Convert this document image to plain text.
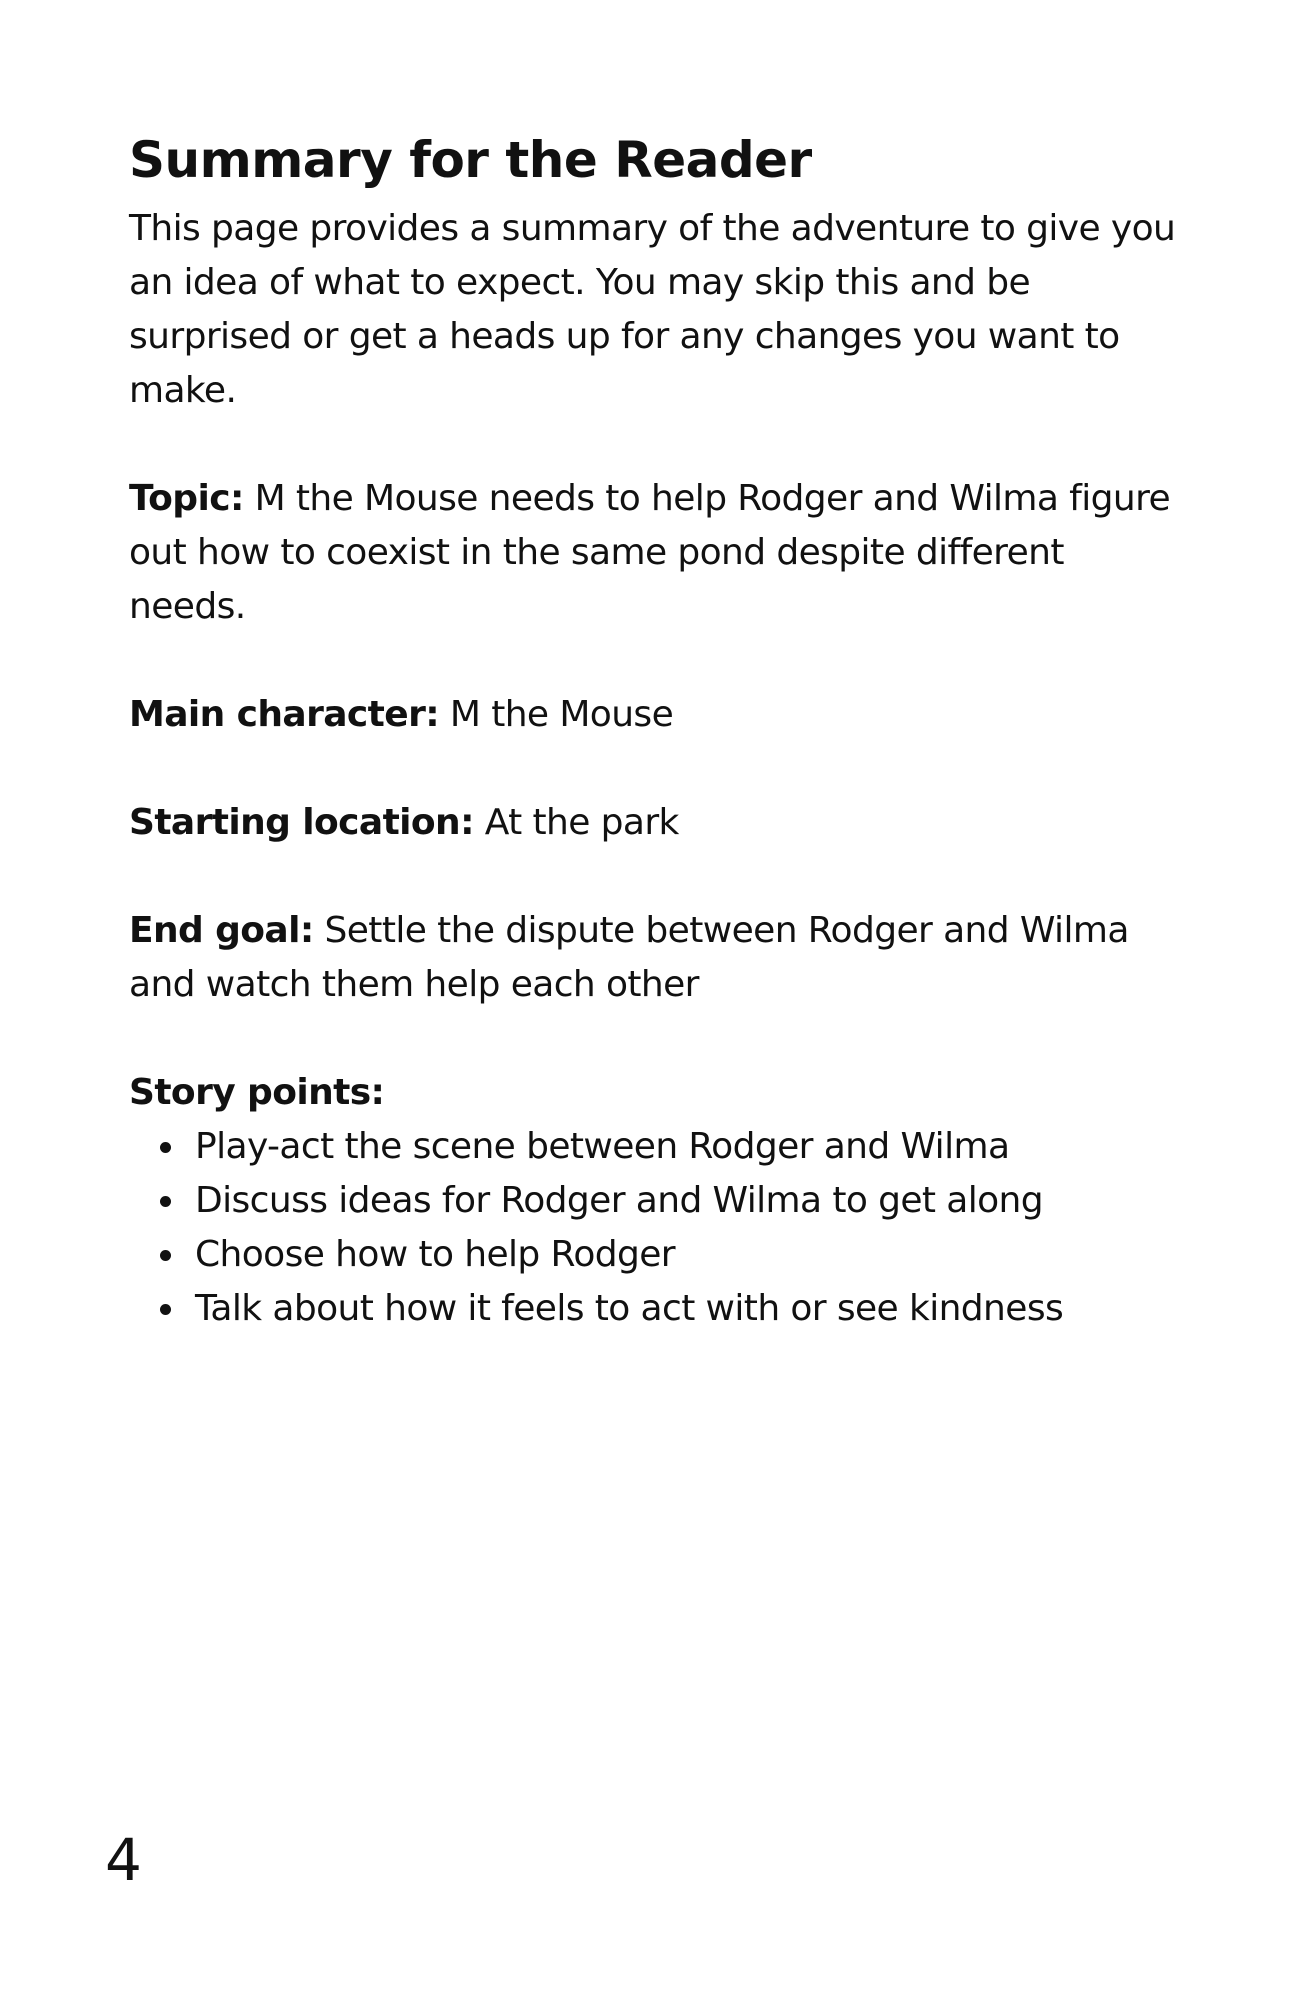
Summary for the Reader

This page provides a summary of the adventure to give you an idea of what to expect. You may skip this and be surprised or get a heads up for any changes you want to make.

Topic: M the Mouse needs to help Rodger and Wilma figure out how to coexist in the same pond despite different needs.

Main character: M the Mouse

Starting location: At the park

End goal: Settle the dispute between Rodger and Wilma and watch them help each other

Story points:

Play-act the scene between Rodger and Wilma
Discuss ideas for Rodger and Wilma to get along
Choose how to help Rodger
Talk about how it feels to act with or see kindness
4
